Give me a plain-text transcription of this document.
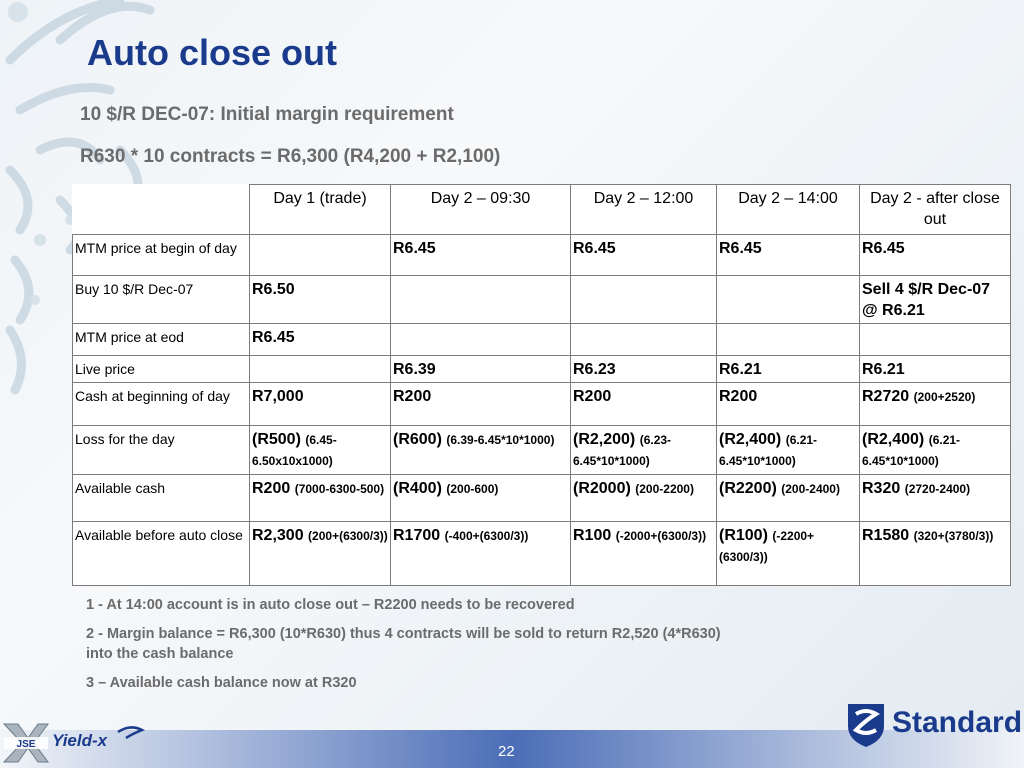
Auto close out

10 $/R DEC-07: Initial margin requirement

R630 * 10 contracts = R6,300 (R4,200 + R2,100)

	Day 1 (trade)	Day 2 – 09:30	Day 2 – 12:00	Day 2 – 14:00	Day 2 - after close out
MTM price at begin of day		R6.45	R6.45	R6.45	R6.45
Buy 10 $/R Dec-07	R6.50				Sell 4 $/R Dec-07 @ R6.21
MTM price at eod	R6.45				
Live price		R6.39	R6.23	R6.21	R6.21
Cash at beginning of day	R7,000	R200	R200	R200	R2720 (200+2520)
Loss for the day	(R500) (6.45-6.50x10x1000)	(R600) (6.39-6.45*10*1000)	(R2,200) (6.23-6.45*10*1000)	(R2,400) (6.21-6.45*10*1000)	(R2,400) (6.21-6.45*10*1000)
Available cash	R200 (7000-6300-500)	(R400) (200-600)	(R2000) (200-2200)	(R2200) (200-2400)	R320 (2720-2400)
Available before auto close	R2,300 (200+(6300/3))	R1700 (-400+(6300/3))	R100 (-2000+(6300/3))	(R100) (-2200+(6300/3))	R1580 (320+(3780/3))

1 - At 14:00 account is in auto close out – R2200 needs to be recovered

2 - Margin balance = R6,300 (10*R630) thus 4 contracts will be sold to return R2,520 (4*R630) into the cash balance

3 – Available cash balance now at R320

JSE Yield-x
Standard
22
